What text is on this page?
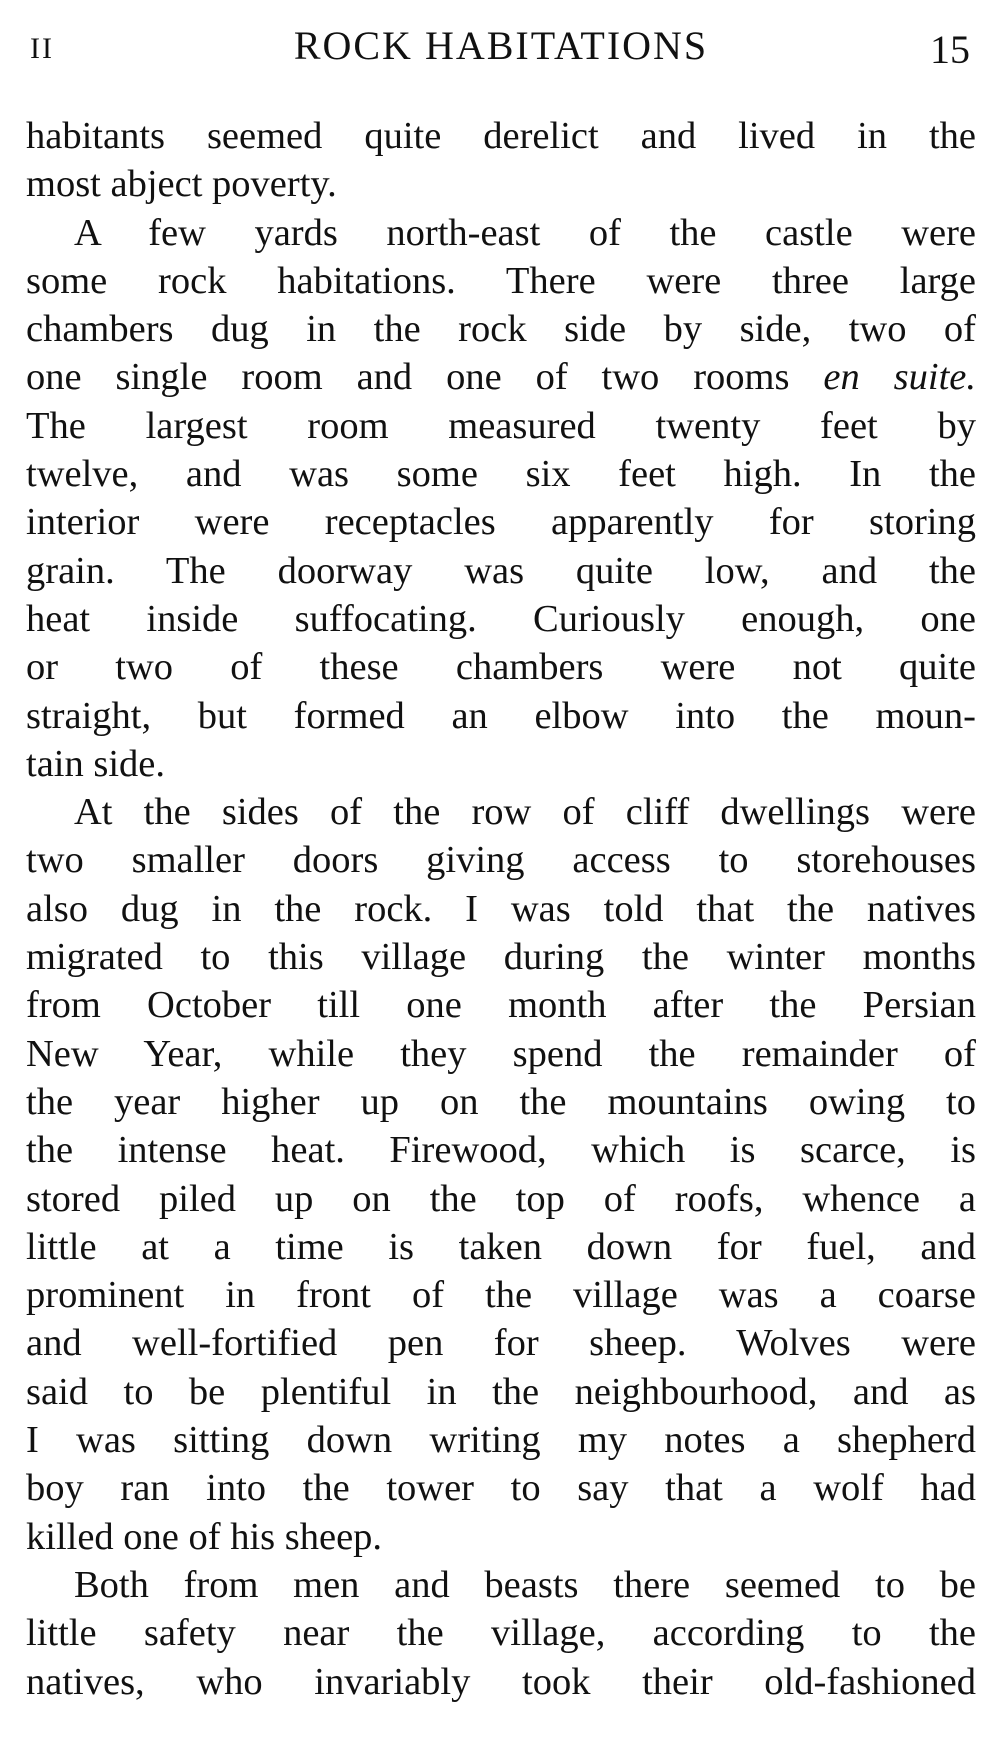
II	ROCK HABITATIONS	15
habitants seemed quite derelict and lived in the
most abject poverty.
A few yards north-east of the castle were
some rock habitations. There were three large
chambers dug in the rock side by side, two of
one single room and one of two rooms en suite.
The largest room measured twenty feet by
twelve, and was some six feet high. In the
interior were receptacles apparently for storing
grain. The doorway was quite low, and the
heat inside suffocating. Curiously enough, one
or two of these chambers were not quite
straight, but formed an elbow into the moun-
tain side.
At the sides of the row of cliff dwellings were
two smaller doors giving access to storehouses
also dug in the rock. I was told that the natives
migrated to this village during the winter months
from October till one month after the Persian
New Year, while they spend the remainder of
the year higher up on the mountains owing to
the intense heat. Firewood, which is scarce, is
stored piled up on the top of roofs, whence a
little at a time is taken down for fuel, and
prominent in front of the village was a coarse
and well-fortified pen for sheep. Wolves were
said to be plentiful in the neighbourhood, and as
I was sitting down writing my notes a shepherd
boy ran into the tower to say that a wolf had
killed one of his sheep.
Both from men and beasts there seemed to be
little safety near the village, according to the
natives, who invariably took their old-fashioned
